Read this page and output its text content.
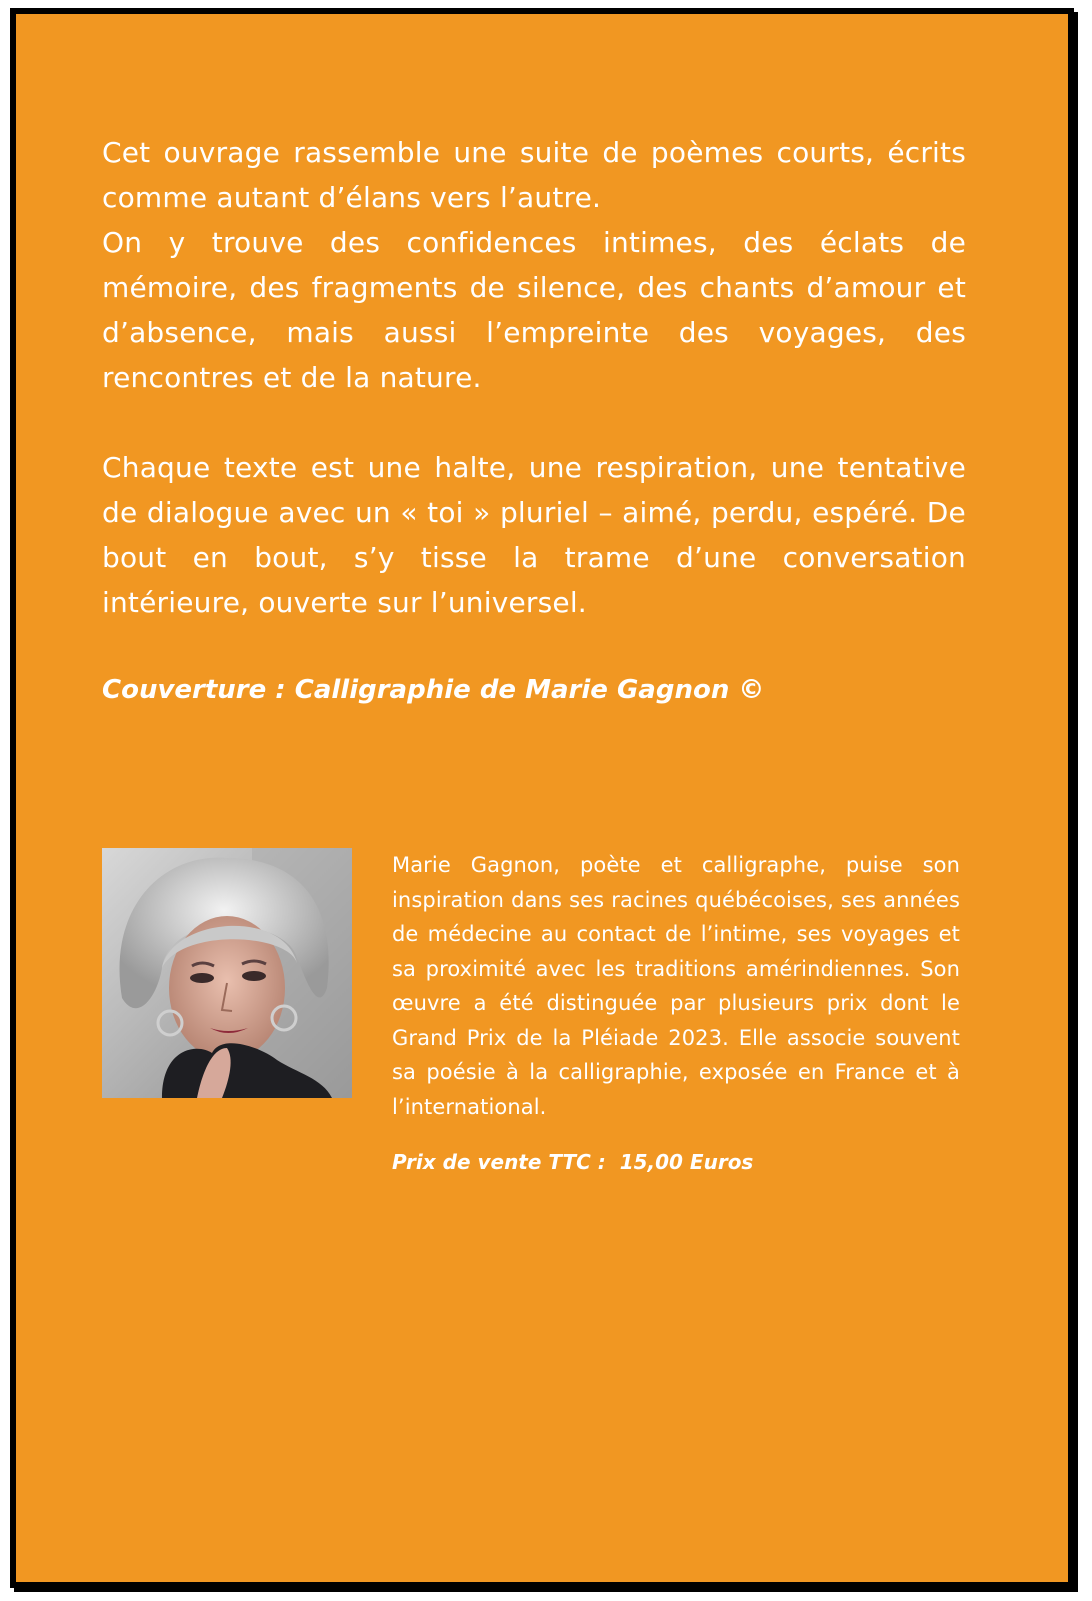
Cet ouvrage rassemble une suite de poèmes courts, écrits comme autant d’élans vers l’autre.

On y trouve des confidences intimes, des éclats de mémoire, des fragments de silence, des chants d’amour et d’absence, mais aussi l’empreinte des voyages, des rencontres et de la nature.

Chaque texte est une halte, une respiration, une tentative de dialogue avec un « toi » pluriel – aimé, perdu, espéré. De bout en bout, s’y tisse la trame d’une conversation intérieure, ouverte sur l’universel.

Couverture : Calligraphie de Marie Gagnon ©
Marie Gagnon, poète et calligraphe, puise son inspiration dans ses racines québécoises, ses années de médecine au contact de l’intime, ses voyages et sa proximité avec les traditions amérindiennes. Son œuvre a été distinguée par plusieurs prix dont le Grand Prix de la Pléiade 2023. Elle associe souvent sa poésie à la calligraphie, exposée en France et à l’international.
Prix de vente TTC :  15,00 Euros
